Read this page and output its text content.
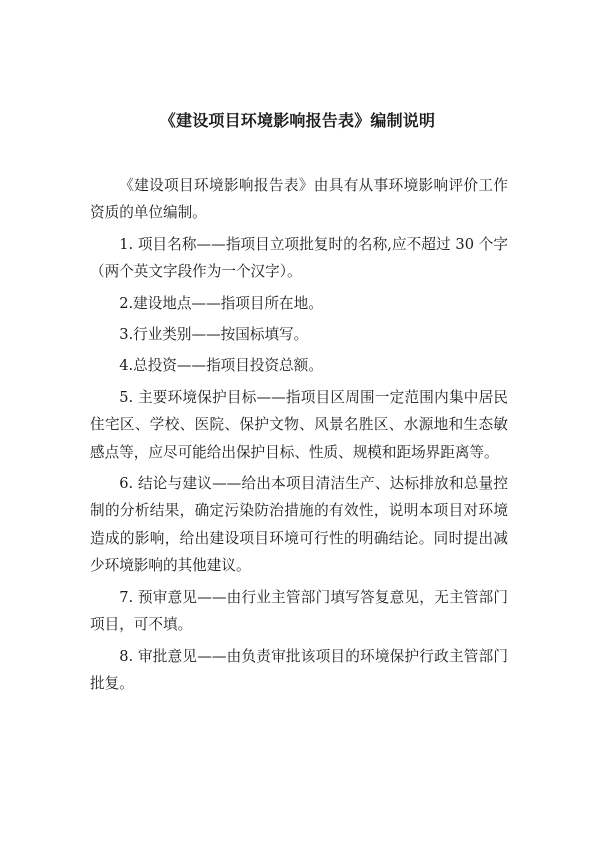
《建设项目环境影响报告表》编制说明

《建设项目环境影响报告表》由具有从事环境影响评价工作资质的单位编制。

1. 项目名称——指项目立项批复时的名称,应不超过 30 个字（两个英文字段作为一个汉字）。

2.建设地点——指项目所在地。

3.行业类别——按国标填写。

4.总投资——指项目投资总额。

5. 主要环境保护目标——指项目区周围一定范围内集中居民住宅区、学校、医院、保护文物、风景名胜区、水源地和生态敏感点等，应尽可能给出保护目标、性质、规模和距场界距离等。

6. 结论与建议——给出本项目清洁生产、达标排放和总量控制的分析结果，确定污染防治措施的有效性，说明本项目对环境造成的影响，给出建设项目环境可行性的明确结论。同时提出减少环境影响的其他建议。

7. 预审意见——由行业主管部门填写答复意见，无主管部门项目，可不填。

8. 审批意见——由负责审批该项目的环境保护行政主管部门批复。
